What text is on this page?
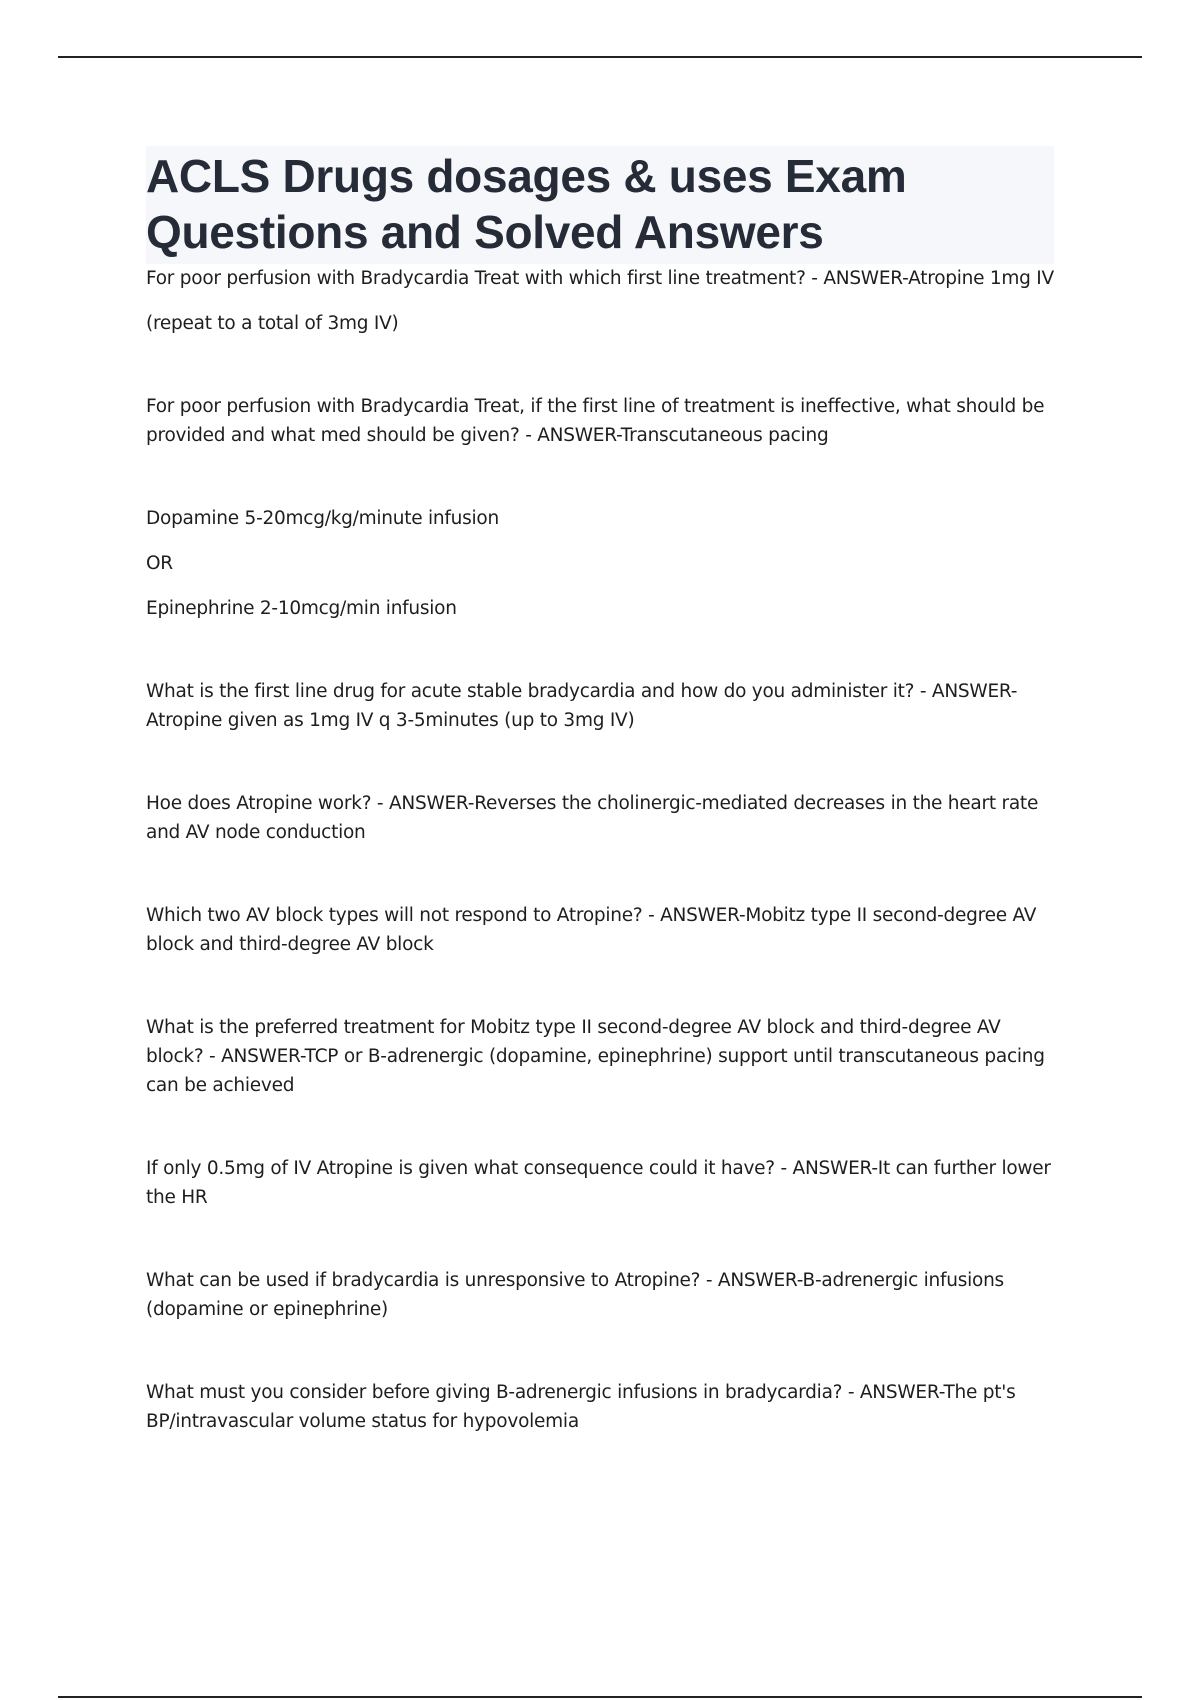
ACLS Drugs dosages & uses Exam Questions and Solved Answers

For poor perfusion with Bradycardia Treat with which first line treatment? - ANSWER-Atropine 1mg IV

(repeat to a total of 3mg IV)

For poor perfusion with Bradycardia Treat, if the first line of treatment is ineffective, what should be provided and what med should be given? - ANSWER-Transcutaneous pacing

Dopamine 5-20mcg/kg/minute infusion

OR

Epinephrine 2-10mcg/min infusion

What is the first line drug for acute stable bradycardia and how do you administer it? - ANSWER-Atropine given as 1mg IV q 3-5minutes (up to 3mg IV)

Hoe does Atropine work? - ANSWER-Reverses the cholinergic-mediated decreases in the heart rate and AV node conduction

Which two AV block types will not respond to Atropine? - ANSWER-Mobitz type II second-degree AV block and third-degree AV block

What is the preferred treatment for Mobitz type II second-degree AV block and third-degree AV block? - ANSWER-TCP or B-adrenergic (dopamine, epinephrine) support until transcutaneous pacing can be achieved

If only 0.5mg of IV Atropine is given what consequence could it have? - ANSWER-It can further lower the HR

What can be used if bradycardia is unresponsive to Atropine? - ANSWER-B-adrenergic infusions (dopamine or epinephrine)

What must you consider before giving B-adrenergic infusions in bradycardia? - ANSWER-The pt's BP/intravascular volume status for hypovolemia
